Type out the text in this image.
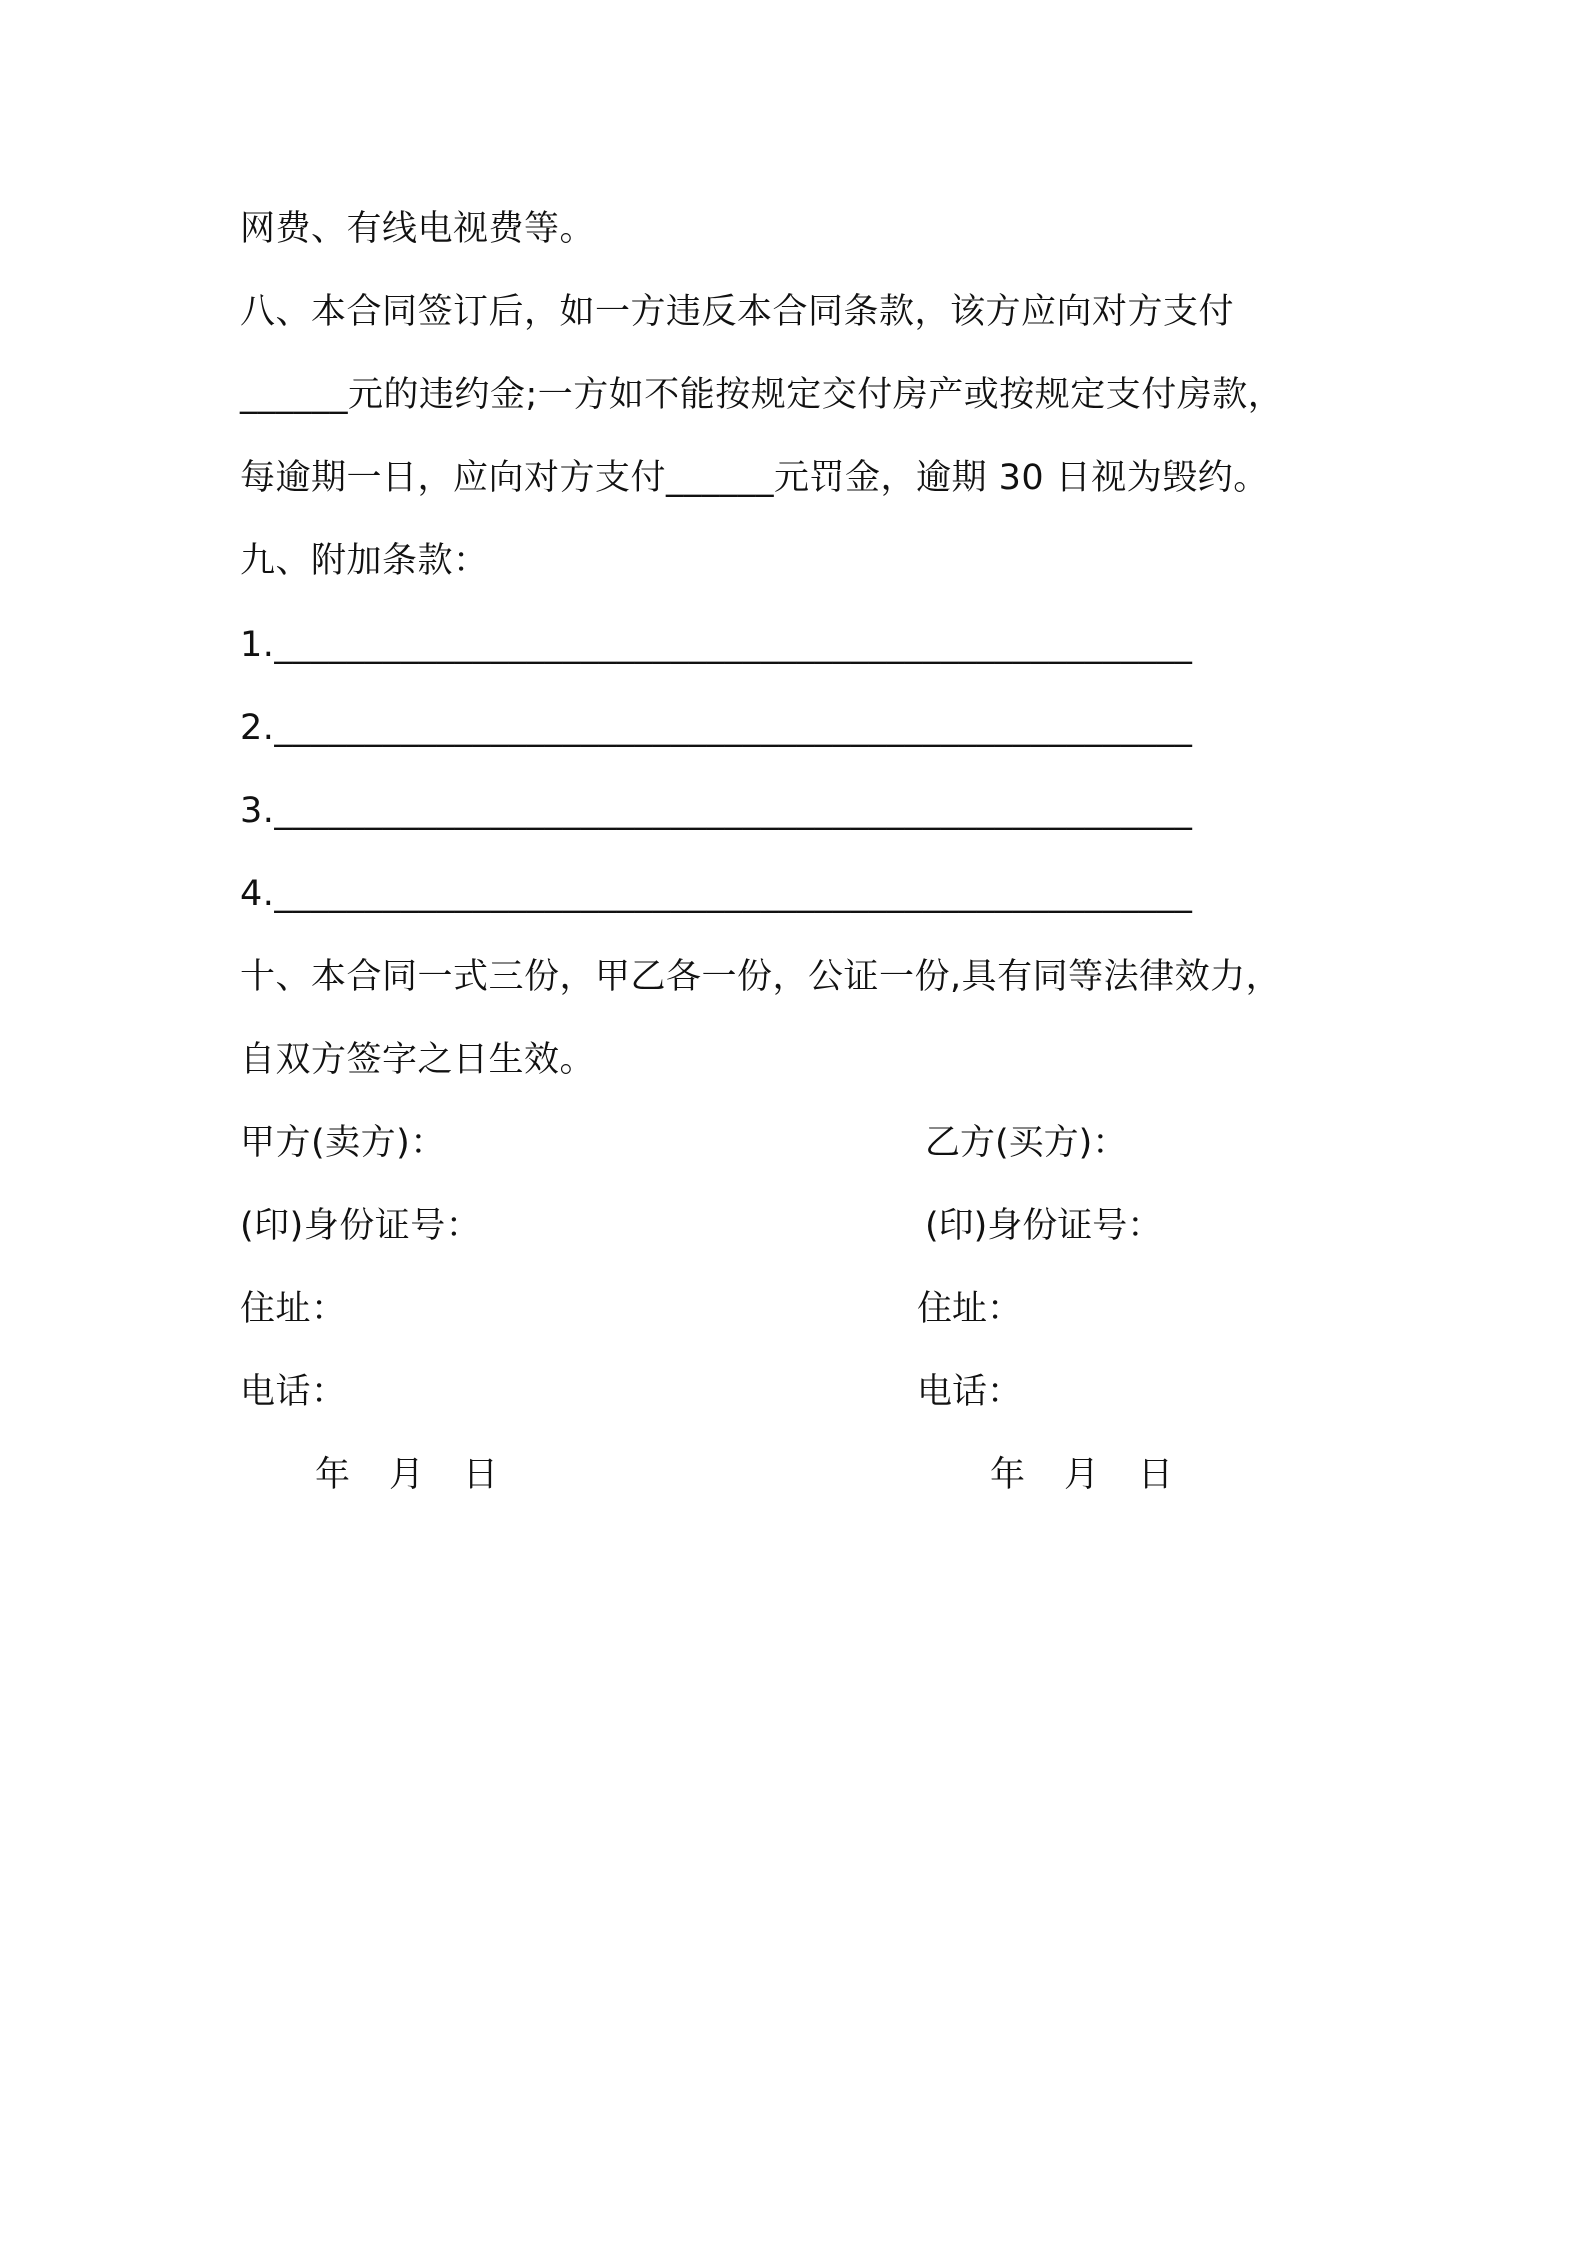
网费、有线电视费等。
八、本合同签订后，如一方违反本合同条款，该方应向对方支付
______元的违约金;一方如不能按规定交付房产或按规定支付房款，
每逾期一日，应向对方支付______元罚金，逾期 30 日视为毁约。
九、附加条款：
1.___________________________________________________
2.___________________________________________________
3.___________________________________________________
4.___________________________________________________
十、本合同一式三份，甲乙各一份，公证一份,具有同等法律效力，
自双方签字之日生效。
甲方(卖方)：
(印)身份证号：
住址：
电话：
年 月 日
乙方(买方)：
(印)身份证号：
住址：
电话：
年 月 日
